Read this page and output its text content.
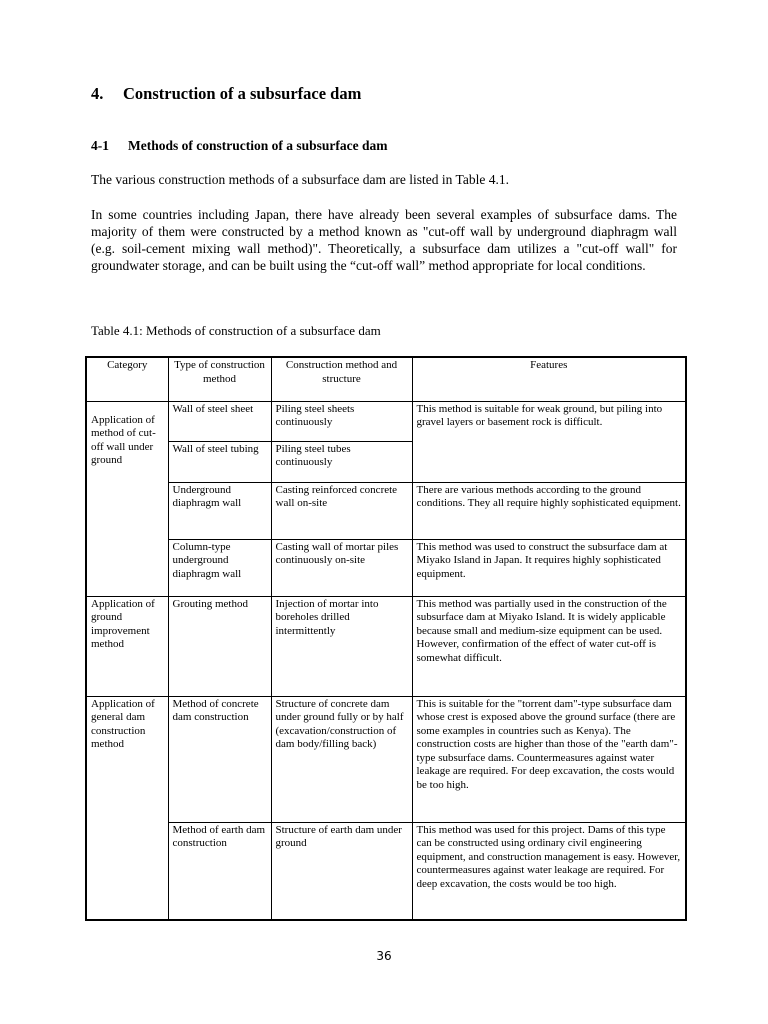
4. Construction of a subsurface dam
4-1 Methods of construction of a subsurface dam
The various construction methods of a subsurface dam are listed in Table 4.1.
In some countries including Japan, there have already been several examples of subsurface dams. The majority of them were constructed by a method known as "cut-off wall by underground diaphragm wall (e.g. soil-cement mixing wall method)". Theoretically, a subsurface dam utilizes a "cut-off wall" for groundwater storage, and can be built using the “cut-off wall” method appropriate for local conditions.
Table 4.1: Methods of construction of a subsurface dam
Category	Type of construction method	Construction method and structure	Features
Application of method of cut-off wall under ground	Wall of steel sheet	Piling steel sheets continuously	This method is suitable for weak ground, but piling into gravel layers or basement rock is difficult.
	Wall of steel tubing	Piling steel tubes continuously	
	Underground diaphragm wall	Casting reinforced concrete wall on-site	There are various methods according to the ground conditions. They all require highly sophisticated equipment.
	Column-type underground diaphragm wall	Casting wall of mortar piles continuously on-site	This method was used to construct the subsurface dam at Miyako Island in Japan. It requires highly sophisticated equipment.
Application of ground improvement method	Grouting method	Injection of mortar into boreholes drilled intermittently	This method was partially used in the construction of the subsurface dam at Miyako Island. It is widely applicable because small and medium-size equipment can be used. However, confirmation of the effect of water cut-off is somewhat difficult.
Application of general dam construction method	Method of concrete dam construction	Structure of concrete dam under ground fully or by half (excavation/construction of dam body/filling back)	This is suitable for the "torrent dam"-type subsurface dam whose crest is exposed above the ground surface (there are some examples in countries such as Kenya). The construction costs are higher than those of the "earth dam"-type subsurface dams. Countermeasures against water leakage are required. For deep excavation, the costs would be too high.
	Method of earth dam construction	Structure of earth dam under ground	This method was used for this project. Dams of this type can be constructed using ordinary civil engineering equipment, and construction management is easy. However, countermeasures against water leakage are required. For deep excavation, the costs would be too high.
36
